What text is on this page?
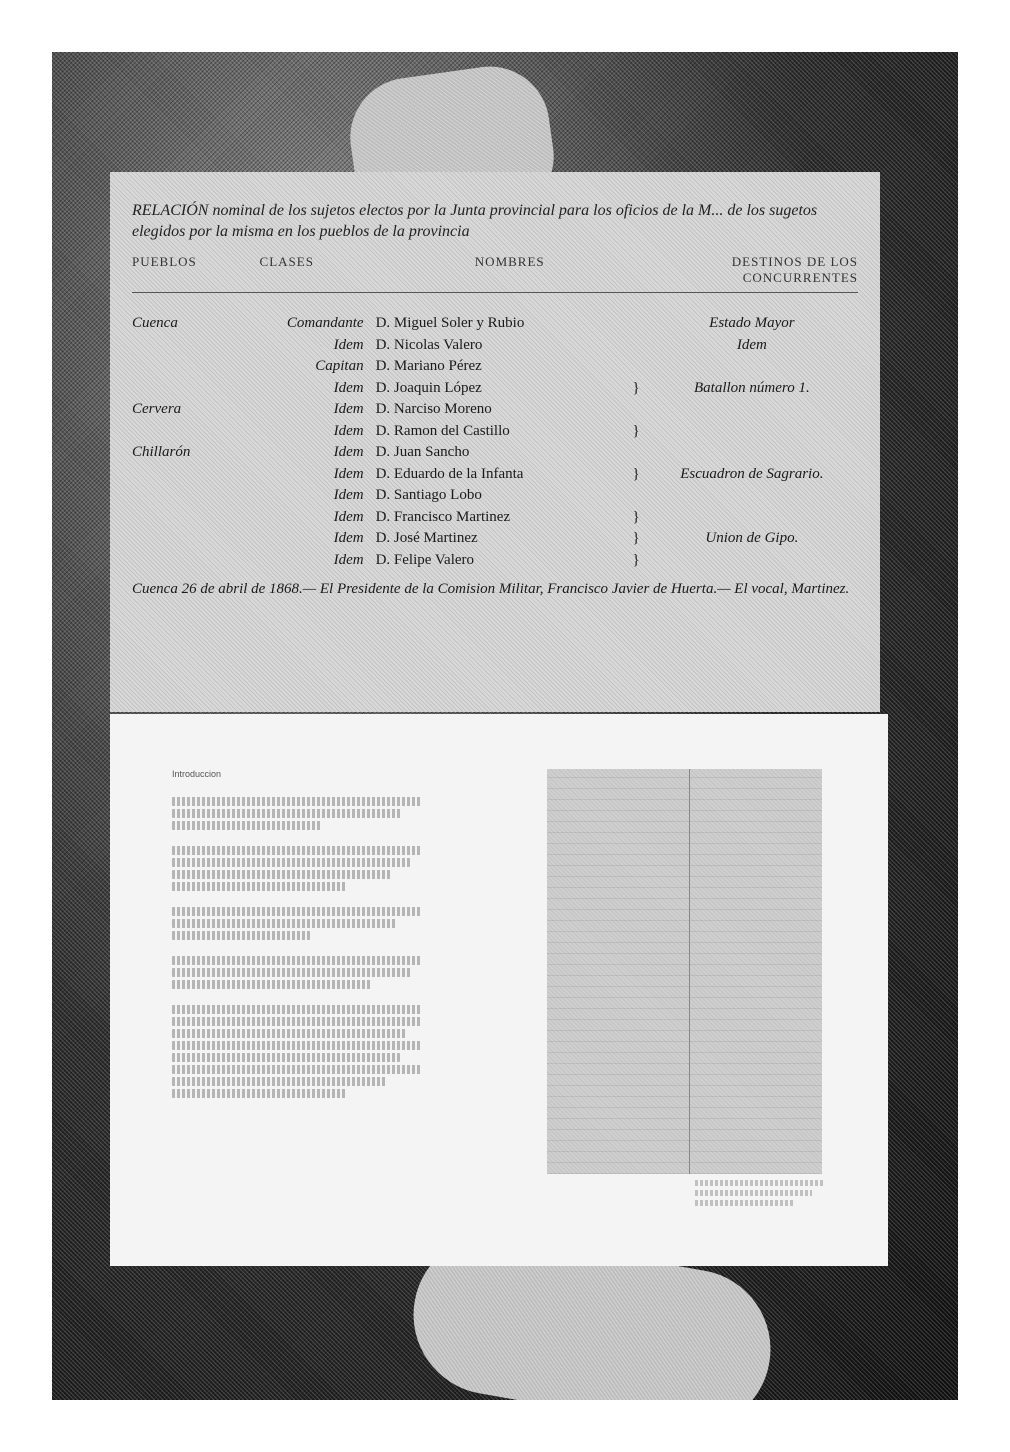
RELACIÓN nominal de los sujetos electos por la Junta provincial para los oficios de la M... de los sugetos elegidos por la misma en los pueblos de la provincia
PUEBLOS	CLASES	NOMBRES	DESTINOS DE LOS CONCURRENTES
Cuenca	Comandante D. Miguel Soler y Rubio	Estado Mayor
Idem D. Nicolas Valero	Idem
Capitan D. Mariano Pérez
Idem D. Joaquin López	}	Batallon número 1.
Cervera	Idem D. Narciso Moreno
Idem D. Ramon del Castillo	}
Chillarón	Idem D. Juan Sancho
Idem D. Eduardo de la Infanta	}	Escuadron de Sagrario.
Idem D. Santiago Lobo
Idem D. Francisco Martinez	}
Idem D. José Martinez	}	Union de Gipo.
Idem D. Felipe Valero	}
Cuenca 26 de abril de 1868.— El Presidente de la Comision Militar, Francisco Javier de Huerta.— El vocal, Martinez.
Introduccion
